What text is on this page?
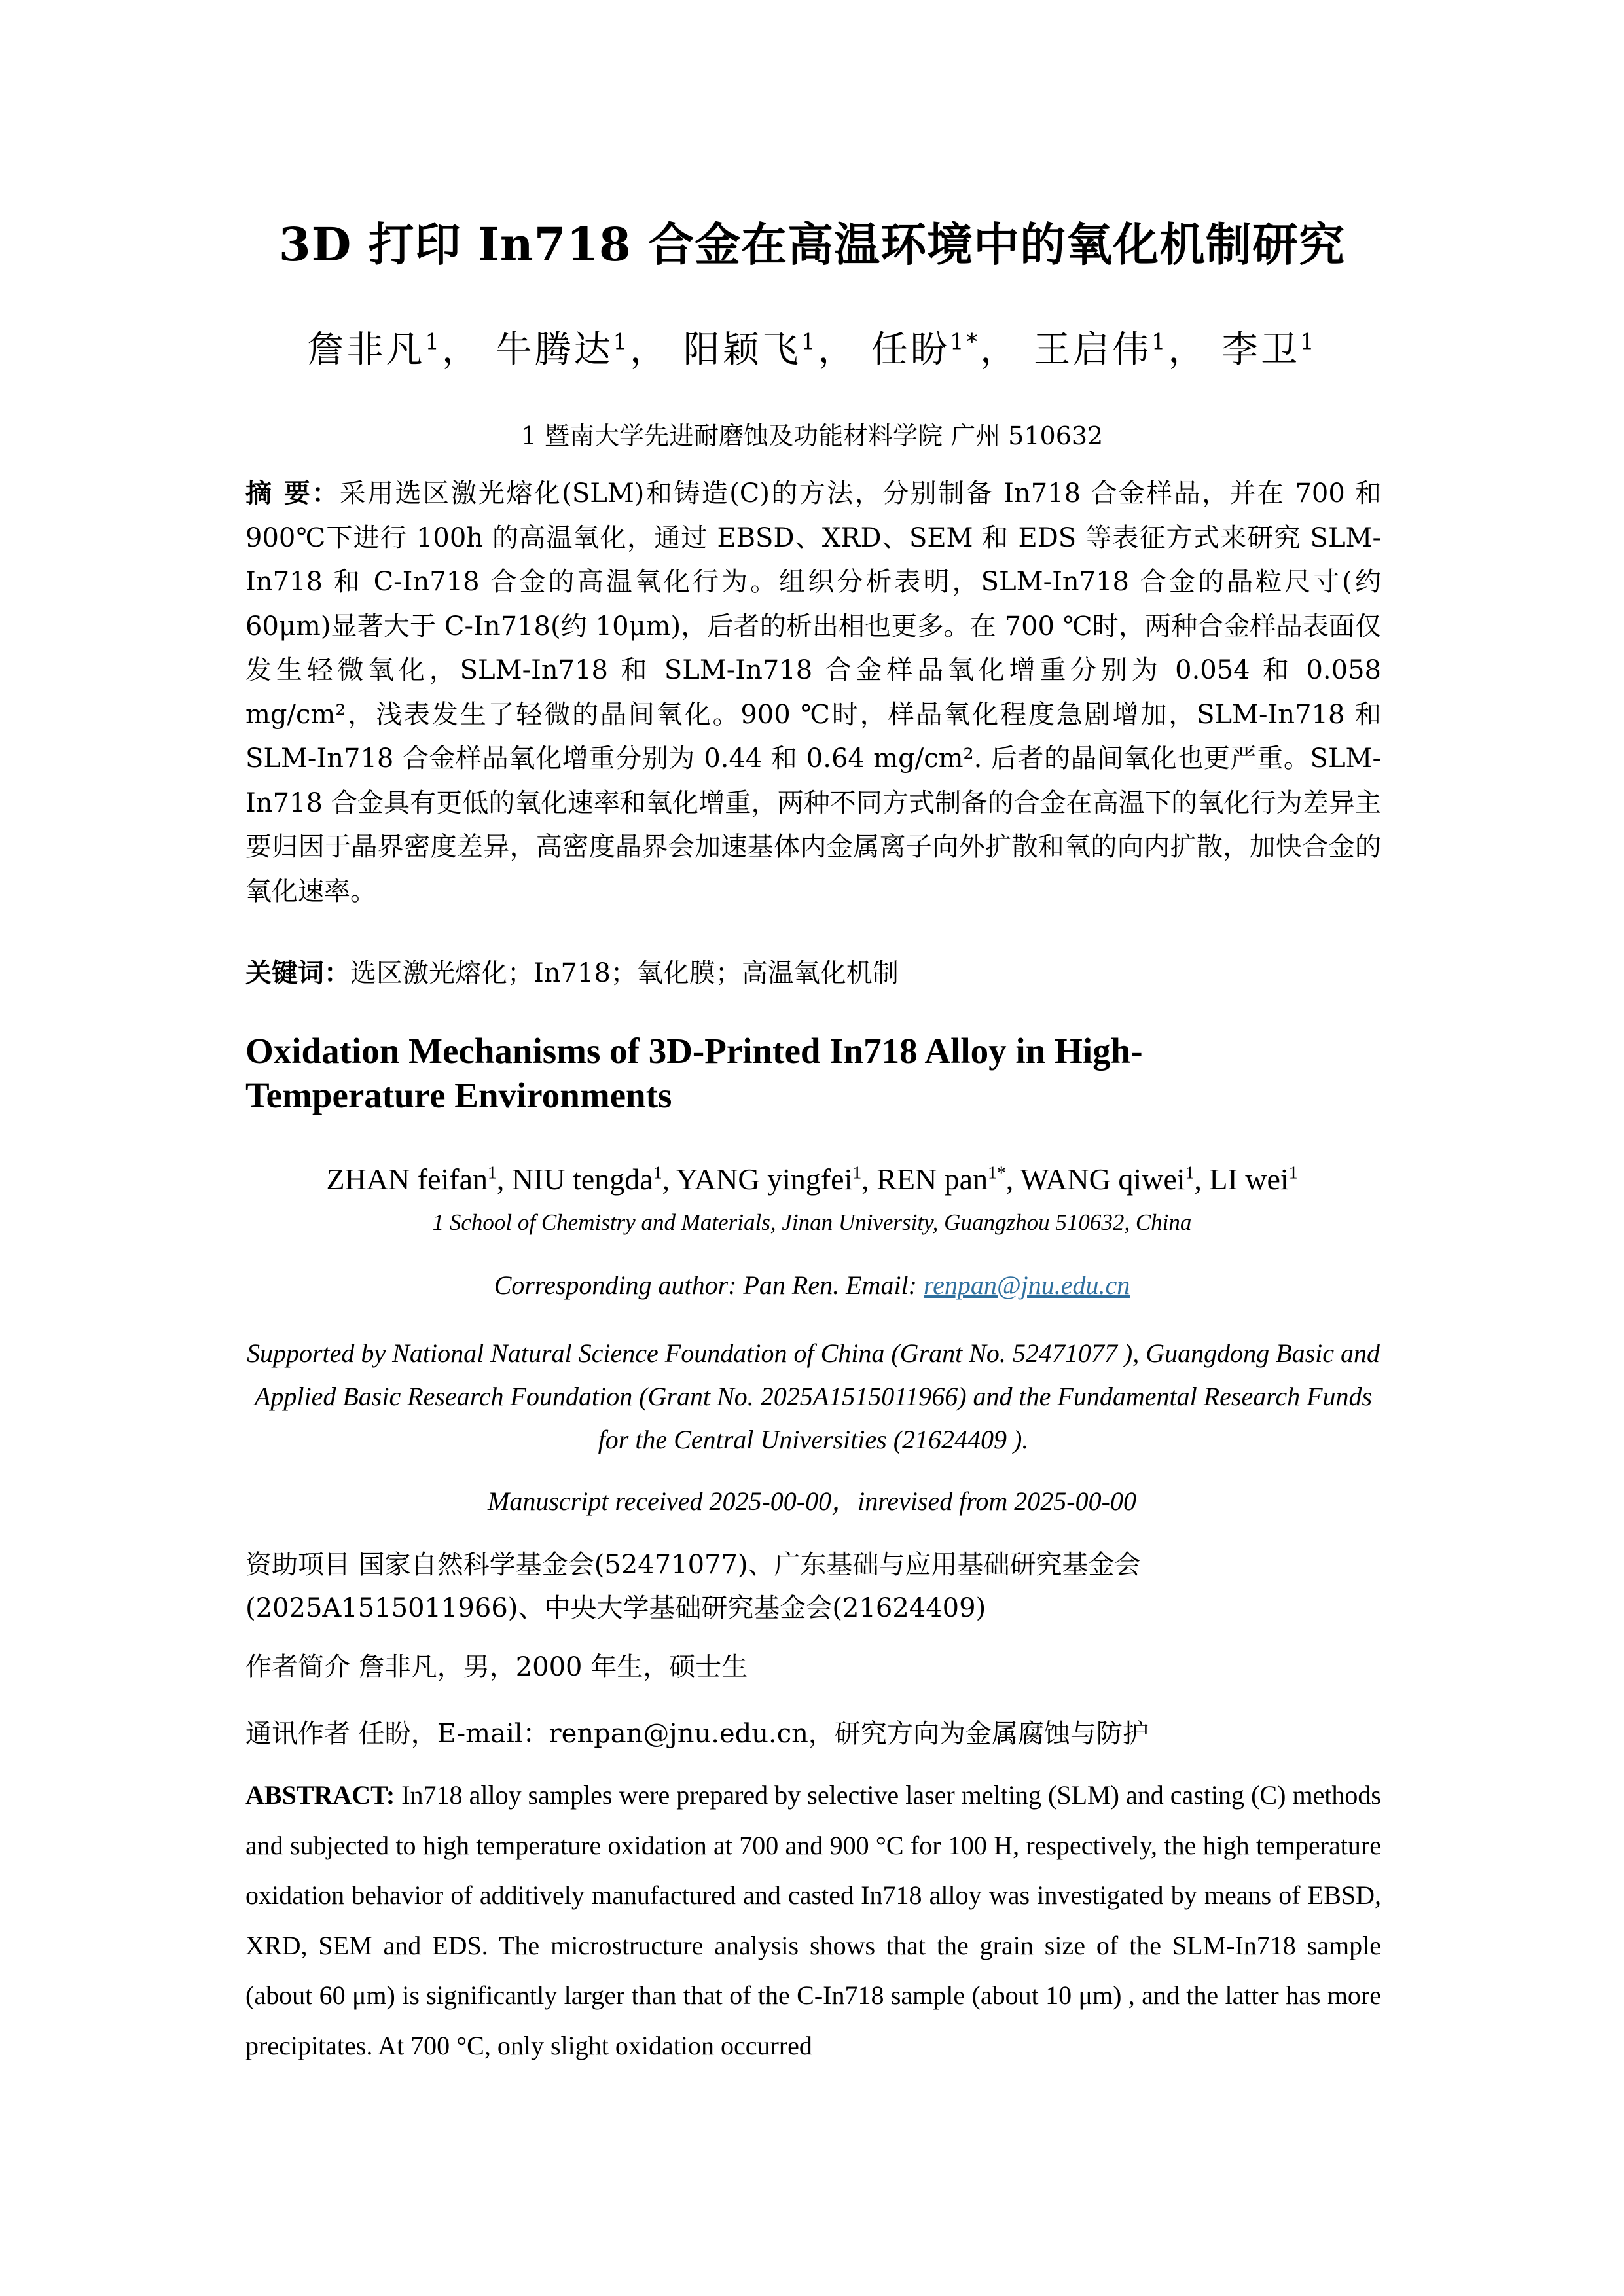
3D 打印 In718 合金在高温环境中的氧化机制研究
詹非凡$^1$， 牛腾达$^1$， 阳颖飞$^1$， 任盼$^{1*}$， 王启伟$^1$， 李卫$^1$
1 暨南大学先进耐磨蚀及功能材料学院 广州 510632
摘 要：采用选区激光熔化(SLM)和铸造(C)的方法，分别制备 In718 合金样品，并在 700 和 900℃下进行 100h 的高温氧化，通过 EBSD、XRD、SEM 和 EDS 等表征方式来研究 SLM-In718 和 C-In718 合金的高温氧化行为。组织分析表明，SLM-In718 合金的晶粒尺寸(约 60μm)显著大于 C-In718(约 10μm)，后者的析出相也更多。在 700 ℃时，两种合金样品表面仅发生轻微氧化，SLM-In718 和 SLM-In718 合金样品氧化增重分别为 0.054 和 0.058 mg/cm²，浅表发生了轻微的晶间氧化。900 ℃时，样品氧化程度急剧增加，SLM-In718 和 SLM-In718 合金样品氧化增重分别为 0.44 和 0.64 mg/cm². 后者的晶间氧化也更严重。SLM-In718 合金具有更低的氧化速率和氧化增重，两种不同方式制备的合金在高温下的氧化行为差异主要归因于晶界密度差异，高密度晶界会加速基体内金属离子向外扩散和氧的向内扩散，加快合金的氧化速率。
关键词：选区激光熔化；In718；氧化膜；高温氧化机制
Oxidation Mechanisms of 3D-Printed In718 Alloy in High-Temperature Environments
ZHAN feifan$^1$, NIU tengda$^1$, YANG yingfei$^1$, REN pan$^{1*}$, WANG qiwei$^1$, LI wei$^1$
1 School of Chemistry and Materials, Jinan University, Guangzhou 510632, China
Corresponding author: Pan Ren. Email: renpan@jnu.edu.cn
Supported by National Natural Science Foundation of China (Grant No. 52471077 ), Guangdong Basic and Applied Basic Research Foundation (Grant No. 2025A1515011966) and the Fundamental Research Funds for the Central Universities (21624409 ).
Manuscript received 2025-00-00，inrevised from 2025-00-00
资助项目 国家自然科学基金会(52471077)、广东基础与应用基础研究基金会(2025A1515011966)、中央大学基础研究基金会(21624409)
作者简介 詹非凡，男，2000 年生，硕士生
通讯作者 任盼，E-mail：renpan@jnu.edu.cn，研究方向为金属腐蚀与防护
ABSTRACT: In718 alloy samples were prepared by selective laser melting (SLM) and casting (C) methods and subjected to high temperature oxidation at 700 and 900 °C for 100 H, respectively, the high temperature oxidation behavior of additively manufactured and casted In718 alloy was investigated by means of EBSD, XRD, SEM and EDS. The microstructure analysis shows that the grain size of the SLM-In718 sample (about 60 μm) is significantly larger than that of the C-In718 sample (about 10 μm) , and the latter has more precipitates. At 700 °C, only slight oxidation occurred
